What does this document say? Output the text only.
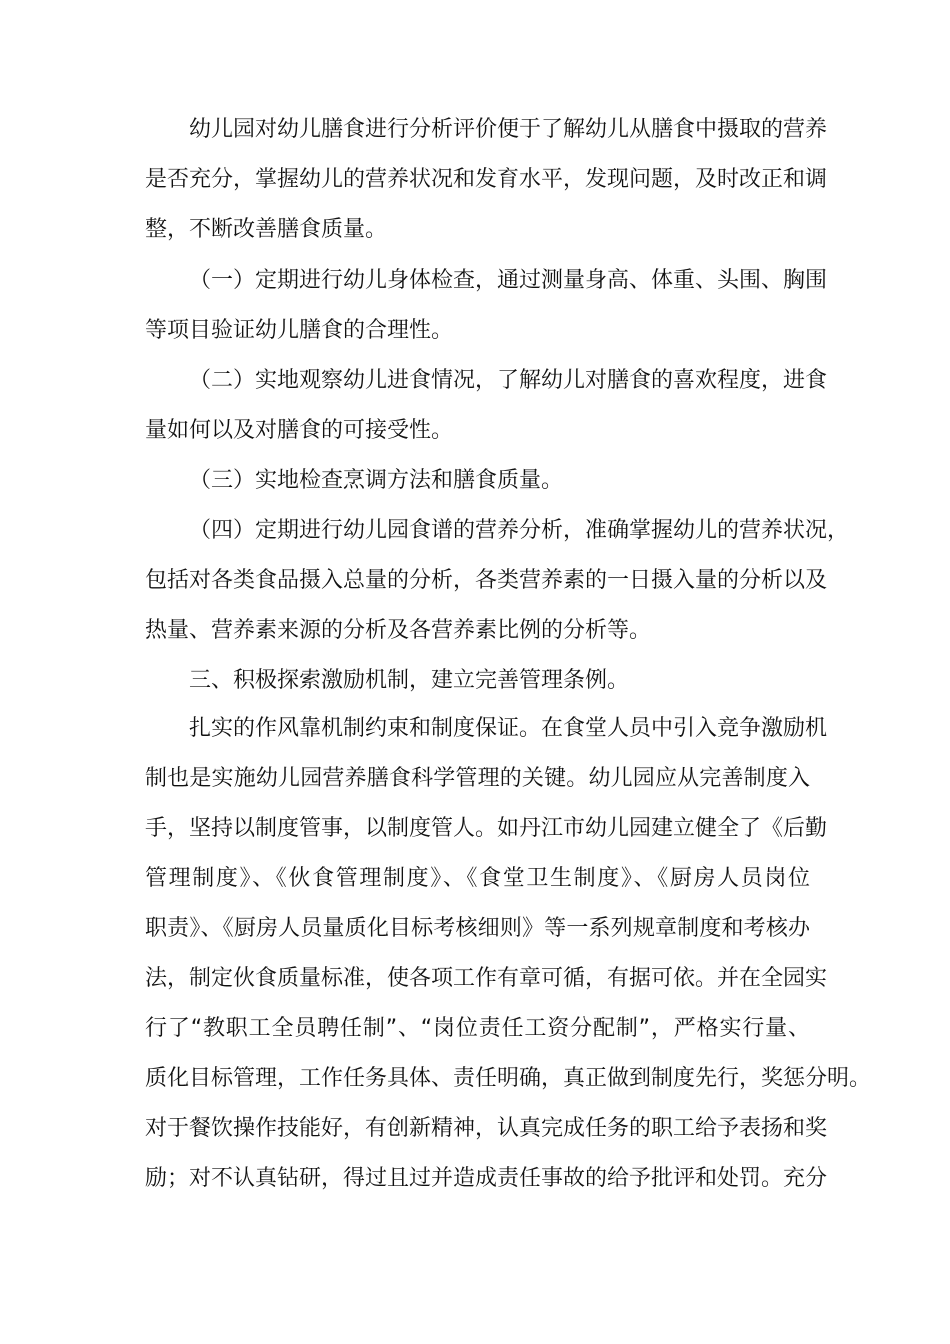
幼儿园对幼儿膳食进行分析评价便于了解幼儿从膳食中摄取的营养
是否充分，掌握幼儿的营养状况和发育水平，发现问题，及时改正和调
整，不断改善膳食质量。
（一）定期进行幼儿身体检查，通过测量身高、体重、头围、胸围
等项目验证幼儿膳食的合理性。
（二）实地观察幼儿进食情况，了解幼儿对膳食的喜欢程度，进食
量如何以及对膳食的可接受性。
（三）实地检查烹调方法和膳食质量。
（四）定期进行幼儿园食谱的营养分析，准确掌握幼儿的营养状况，
包括对各类食品摄入总量的分析，各类营养素的一日摄入量的分析以及
热量、营养素来源的分析及各营养素比例的分析等。
三、积极探索激励机制，建立完善管理条例。
扎实的作风靠机制约束和制度保证。在食堂人员中引入竞争激励机
制也是实施幼儿园营养膳食科学管理的关键。幼儿园应从完善制度入
手，坚持以制度管事，以制度管人。如丹江市幼儿园建立健全了《后勤
管理制度》、《伙食管理制度》、《食堂卫生制度》、《厨房人员岗位
职责》、《厨房人员量质化目标考核细则》等一系列规章制度和考核办
法，制定伙食质量标准，使各项工作有章可循，有据可依。并在全园实
行了“教职工全员聘任制”、“岗位责任工资分配制”，严格实行量、
质化目标管理，工作任务具体、责任明确，真正做到制度先行，奖惩分明。
对于餐饮操作技能好，有创新精神，认真完成任务的职工给予表扬和奖
励；对不认真钻研，得过且过并造成责任事故的给予批评和处罚。充分
